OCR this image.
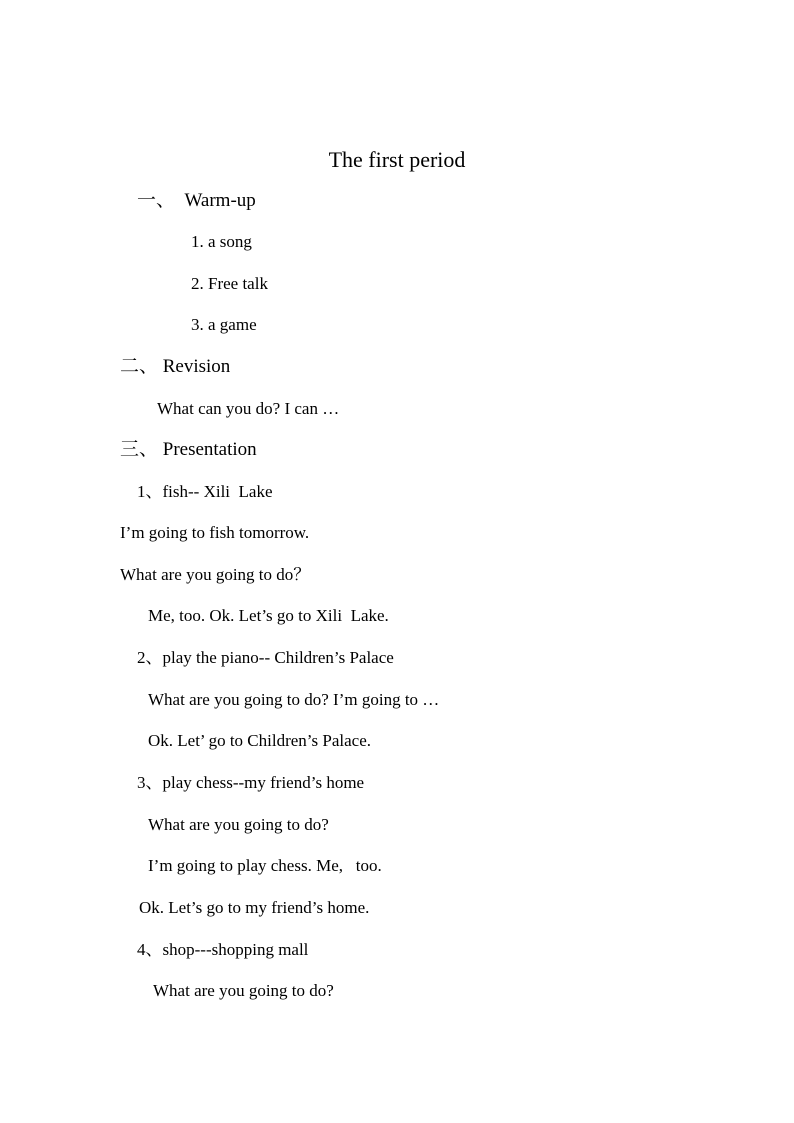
The first period
一、  Warm-up
1. a song
2. Free talk
3. a game
二、 Revision
What can you do? I can …
三、 Presentation
1、fish-- Xili  Lake
I’m going to fish tomorrow.
What are you going to do？
Me, too. Ok. Let’s go to Xili  Lake.
2、play the piano-- Children’s Palace
What are you going to do? I’m going to …
Ok. Let’ go to Children’s Palace.
3、play chess--my friend’s home
What are you going to do?
I’m going to play chess. Me,   too.
Ok. Let’s go to my friend’s home.
4、shop---shopping mall
What are you going to do?
